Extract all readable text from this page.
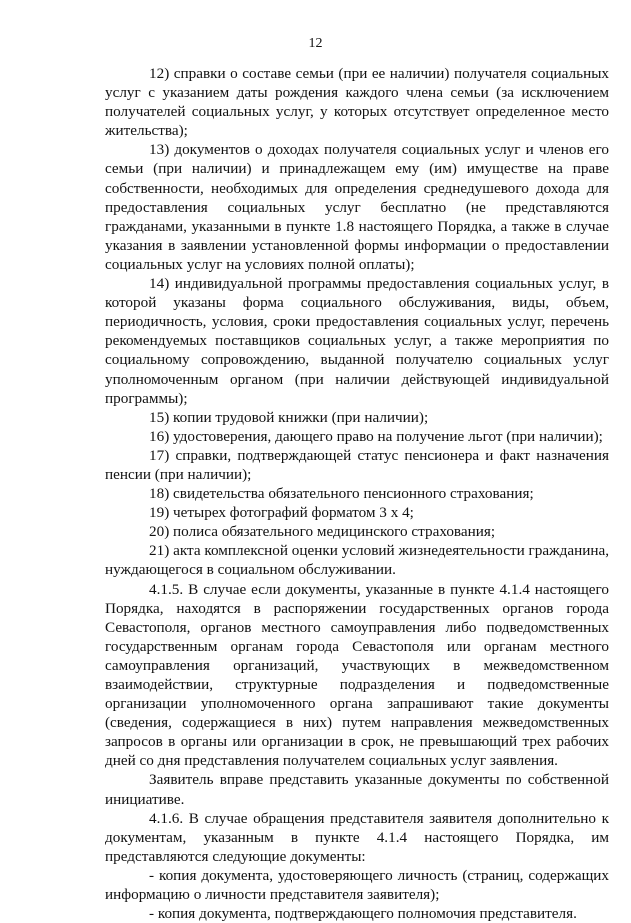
12

12) справки о составе семьи (при ее наличии) получателя социальных услуг с указанием даты рождения каждого члена семьи (за исключением получателей социальных услуг, у которых отсутствует определенное место жительства);

13) документов о доходах получателя социальных услуг и членов его семьи (при наличии) и принадлежащем ему (им) имуществе на праве собственности, необходимых для определения среднедушевого дохода для предоставления социальных услуг бесплатно (не представляются гражданами, указанными в пункте 1.8 настоящего Порядка, а также в случае указания в заявлении установленной формы информации о предоставлении социальных услуг на условиях полной оплаты);

14) индивидуальной программы предоставления социальных услуг, в которой указаны форма социального обслуживания, виды, объем, периодичность, условия, сроки предоставления социальных услуг, перечень рекомендуемых поставщиков социальных услуг, а также мероприятия по социальному сопровождению, выданной получателю социальных услуг уполномоченным органом (при наличии действующей индивидуальной программы);

15) копии трудовой книжки (при наличии);

16) удостоверения, дающего право на получение льгот (при наличии);

17) справки, подтверждающей статус пенсионера и факт назначения пенсии (при наличии);

18) свидетельства обязательного пенсионного страхования;

19) четырех фотографий форматом 3 х 4;

20) полиса обязательного медицинского страхования;

21) акта комплексной оценки условий жизнедеятельности гражданина, нуждающегося в социальном обслуживании.

4.1.5. В случае если документы, указанные в пункте 4.1.4 настоящего Порядка, находятся в распоряжении государственных органов города Севастополя, органов местного самоуправления либо подведомственных государственным органам города Севастополя или органам местного самоуправления организаций, участвующих в межведомственном взаимодействии, структурные подразделения и подведомственные организации уполномоченного органа запрашивают такие документы (сведения, содержащиеся в них) путем направления межведомственных запросов в органы или организации в срок, не превышающий трех рабочих дней со дня представления получателем социальных услуг заявления.

Заявитель вправе представить указанные документы по собственной инициативе.

4.1.6. В случае обращения представителя заявителя дополнительно к документам, указанным в пункте 4.1.4 настоящего Порядка, им представляются следующие документы:

- копия документа, удостоверяющего личность (страниц, содержащих информацию о личности представителя заявителя);

- копия документа, подтверждающего полномочия представителя.
